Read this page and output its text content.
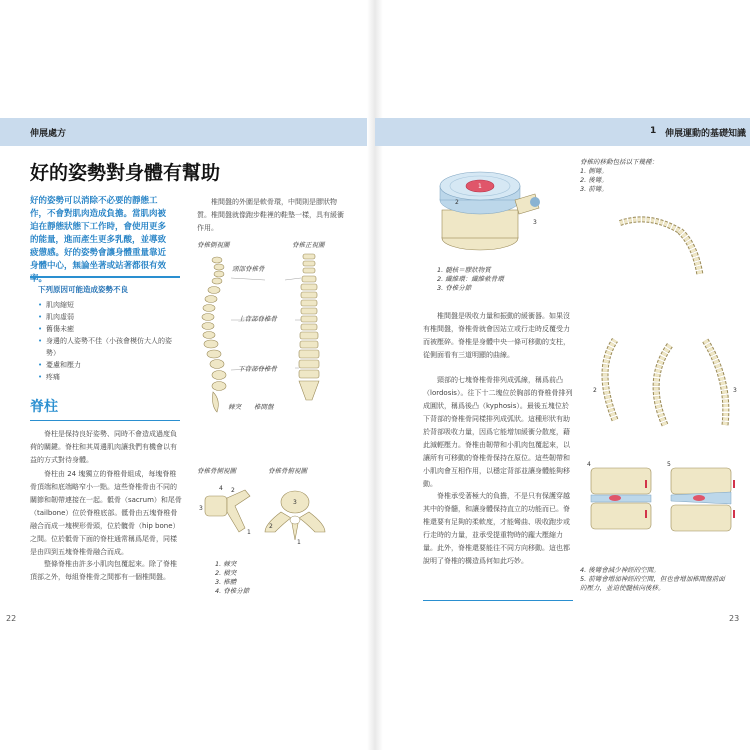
伸展處方
好的姿勢對身體有幫助
好的姿勢可以消除不必要的靜態工作，不會對肌肉造成負擔。當肌肉被迫在靜態狀態下工作時，會使用更多的能量，進而產生更多乳酸，並導致疲憊感。好的姿勢會讓身體重量靠近身體中心，無論坐著或站著都很有效率。
下列原因可能造成姿勢不良
• 肌肉縮短
• 肌肉虛弱
• 舊傷未癒
• 身邊的人姿勢不佳（小孩會模仿大人的姿勢）
• 憂慮和壓力
• 疼痛
脊柱
脊柱是保持良好姿勢、同時不會造成過度負荷的關鍵。脊柱和其周邊肌肉讓我們有機會以有益的方式對待身體。
脊柱由 24 塊獨立的脊椎骨組成，每塊脊椎骨頂端和底端略窄小一點。這些脊椎骨由不同的關節和韌帶連接在一起。骶骨（sacrum）和尾骨（tailbone）位於脊椎底部。骶骨由五塊脊椎骨融合而成一塊楔形骨頭，位於髖骨（hip bone）之間。位於骶骨下面的脊柱通常稱爲尾骨，同樣是由四到五塊脊椎骨融合而成。
整條脊椎由許多小肌肉包覆起來。除了脊椎頂部之外，每組脊椎骨之間都有一個椎間盤。
椎間盤的外圍是軟骨環，中間則是膠狀物質。椎間盤就像跑步鞋裡的鞋墊一樣，具有緩衝作用。
脊椎側視圖	脊椎正視圖
頸部脊椎骨
上背部脊椎骨
下背部脊椎骨
棘突 椎間盤
脊椎骨側視圖	脊椎骨俯視圖
4 2
3
1
3
2
1
1. 棘突
2. 橫突
3. 椎體
4. 脊椎分節
22
1 伸展運動的基礎知識
1
2
3
1. 髓核＝膠狀物質
2. 纖維環：纖維軟骨環
3. 脊椎分節
椎間盤是吸收力量和振動的緩衝器。如果沒有椎間盤，脊椎骨就會因站立或行走時反覆受力而被壓碎。脊椎是身體中央一條可移動的支柱，從側面看有三道明顯的曲線。
頸部的七塊脊椎骨排列成弧線，稱爲前凸（lordosis）。往下十二塊位於胸部的脊椎骨排列成圓狀，稱爲後凸（kyphosis）。最後五塊位於下背部的脊椎骨同樣排列成弧狀。這種形狀有助於背部吸收力量，因爲它能增加緩衝分散度，藉此減輕壓力。脊椎由韌帶和小肌肉包覆起來，以讓所有可移動的脊椎骨保持在原位。這些韌帶和小肌肉會互相作用，以穩定背部並讓身體能夠移動。
脊椎承受著極大的負擔，不是只有保護穿越其中的脊髓，和讓身體保持直立的功能而已。脊椎還要有足夠的柔軟度，才能彎曲、吸收跑步或行走時的力量，並承受提重物時的龐大壓縮力量。此外，脊椎還要能往不同方向移動。這也都說明了脊椎的構造爲何如此巧妙。
脊椎的移動包括以下幾種：
1. 側彎。
2. 後彎。
3. 前彎。
2	3
4	5
4. 後彎會減少神經的空間。
5. 前彎會增加神經的空間，但也會增加椎間盤前面的壓力，並迫使髓核向後移。
23
